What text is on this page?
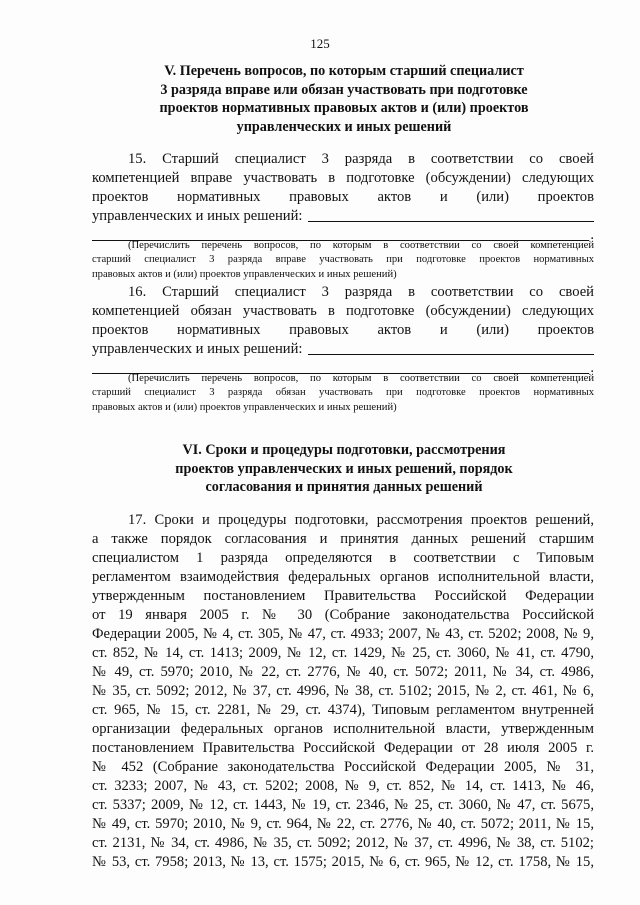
125
V. Перечень вопросов, по которым старший специалист
3 разряда вправе или обязан участвовать при подготовке
проектов нормативных правовых актов и (или) проектов
управленческих и иных решений
15. Старший специалист 3 разряда в соответствии со своей
компетенцией вправе участвовать в подготовке (обсуждении) следующих
проектов нормативных правовых актов и (или) проектов
управленческих и иных решений:
.
(Перечислить перечень вопросов, по которым в соответствии со своей компетенцией
старший специалист 3 разряда вправе участвовать при подготовке проектов нормативных
правовых актов и (или) проектов управленческих и иных решений)
16. Старший специалист 3 разряда в соответствии со своей
компетенцией обязан участвовать в подготовке (обсуждении) следующих
проектов нормативных правовых актов и (или) проектов
управленческих и иных решений:
.
(Перечислить перечень вопросов, по которым в соответствии со своей компетенцией
старший специалист 3 разряда обязан участвовать при подготовке проектов нормативных
правовых актов и (или) проектов управленческих и иных решений)
VI. Сроки и процедуры подготовки, рассмотрения
проектов управленческих и иных решений, порядок
согласования и принятия данных решений
17. Сроки и процедуры подготовки, рассмотрения проектов решений,
а также порядок согласования и принятия данных решений старшим
специалистом 1 разряда определяются в соответствии с Типовым
регламентом взаимодействия федеральных органов исполнительной власти,
утвержденным постановлением Правительства Российской Федерации
от 19 января 2005 г. № 30 (Собрание законодательства Российской
Федерации 2005, № 4, ст. 305, № 47, ст. 4933; 2007, № 43, ст. 5202; 2008, № 9,
ст. 852, № 14, ст. 1413; 2009, № 12, ст. 1429, № 25, ст. 3060, № 41, ст. 4790,
№ 49, ст. 5970; 2010, № 22, ст. 2776, № 40, ст. 5072; 2011, № 34, ст. 4986,
№ 35, ст. 5092; 2012, № 37, ст. 4996, № 38, ст. 5102; 2015, № 2, ст. 461, № 6,
ст. 965, № 15, ст. 2281, № 29, ст. 4374), Типовым регламентом внутренней
организации федеральных органов исполнительной власти, утвержденным
постановлением Правительства Российской Федерации от 28 июля 2005 г.
№ 452 (Собрание законодательства Российской Федерации 2005, № 31,
ст. 3233; 2007, № 43, ст. 5202; 2008, № 9, ст. 852, № 14, ст. 1413, № 46,
ст. 5337; 2009, № 12, ст. 1443, № 19, ст. 2346, № 25, ст. 3060, № 47, ст. 5675,
№ 49, ст. 5970; 2010, № 9, ст. 964, № 22, ст. 2776, № 40, ст. 5072; 2011, № 15,
ст. 2131, № 34, ст. 4986, № 35, ст. 5092; 2012, № 37, ст. 4996, № 38, ст. 5102;
№ 53, ст. 7958; 2013, № 13, ст. 1575; 2015, № 6, ст. 965, № 12, ст. 1758, № 15,
